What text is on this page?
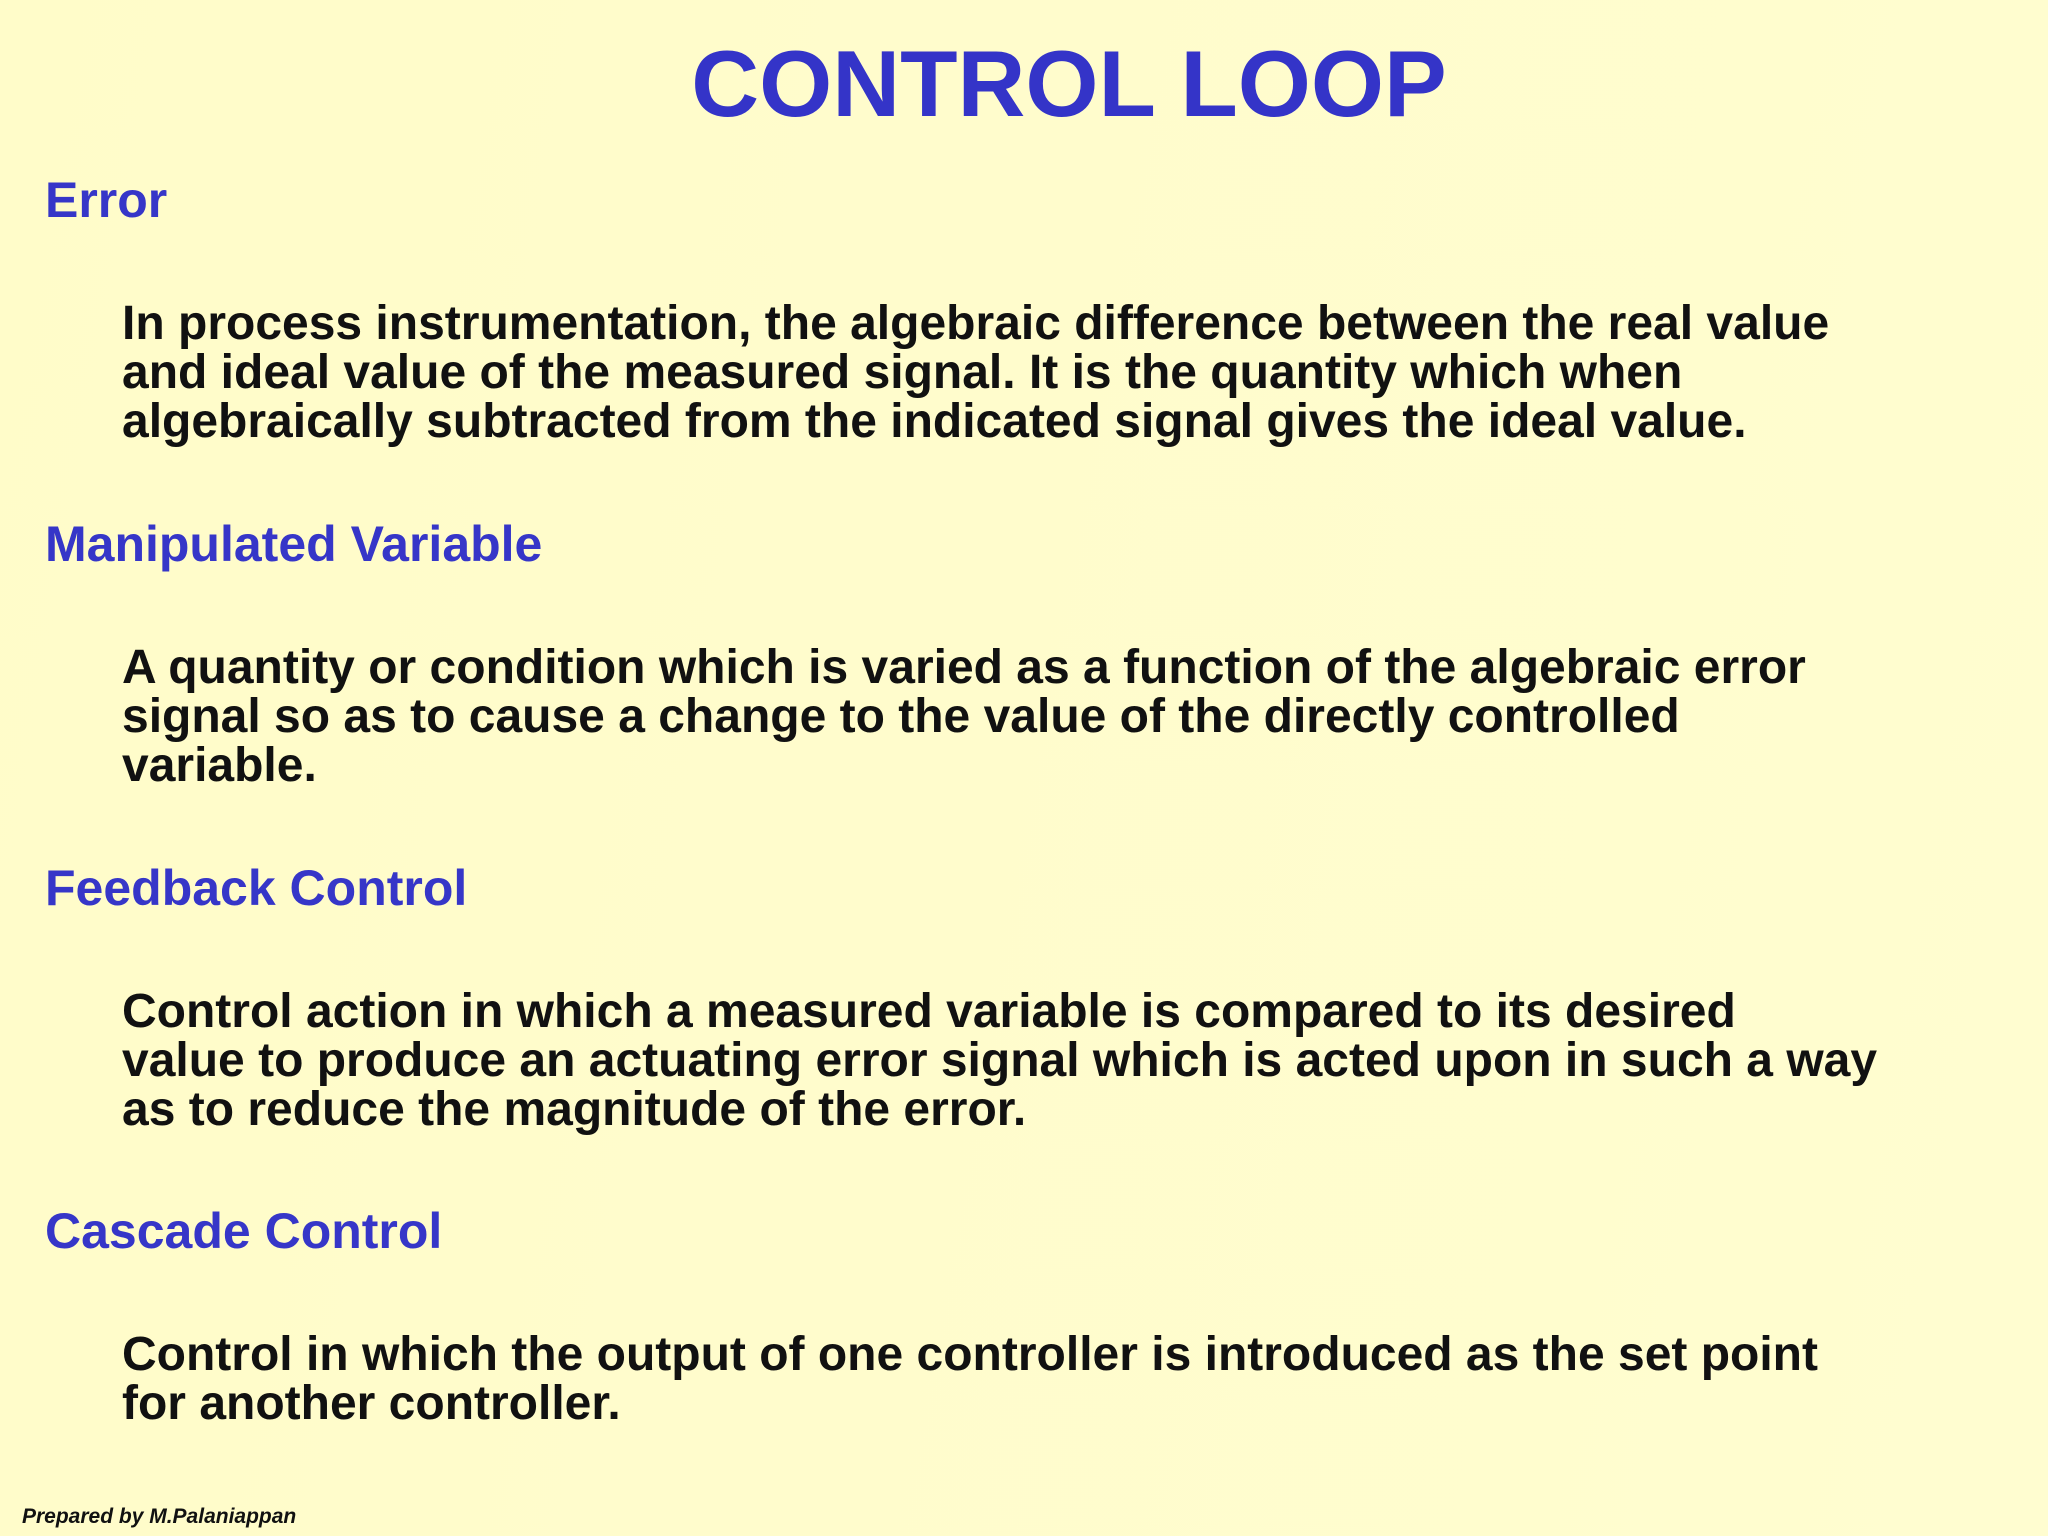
CONTROL LOOP
Error
In process instrumentation, the algebraic difference between the real value
and ideal value of the measured signal. It is the quantity which when
algebraically subtracted from the indicated signal gives the ideal value.
Manipulated Variable
A quantity or condition which is varied as a function of the algebraic error
signal so as to cause a change to the value of the directly controlled
variable.
Feedback Control
Control action in which a measured variable is compared to its desired
value to produce an actuating error signal which is acted upon in such a way
as to reduce the magnitude of the error.
Cascade Control
Control in which the output of one controller is introduced as the set point
for another controller.
Prepared by M.Palaniappan
